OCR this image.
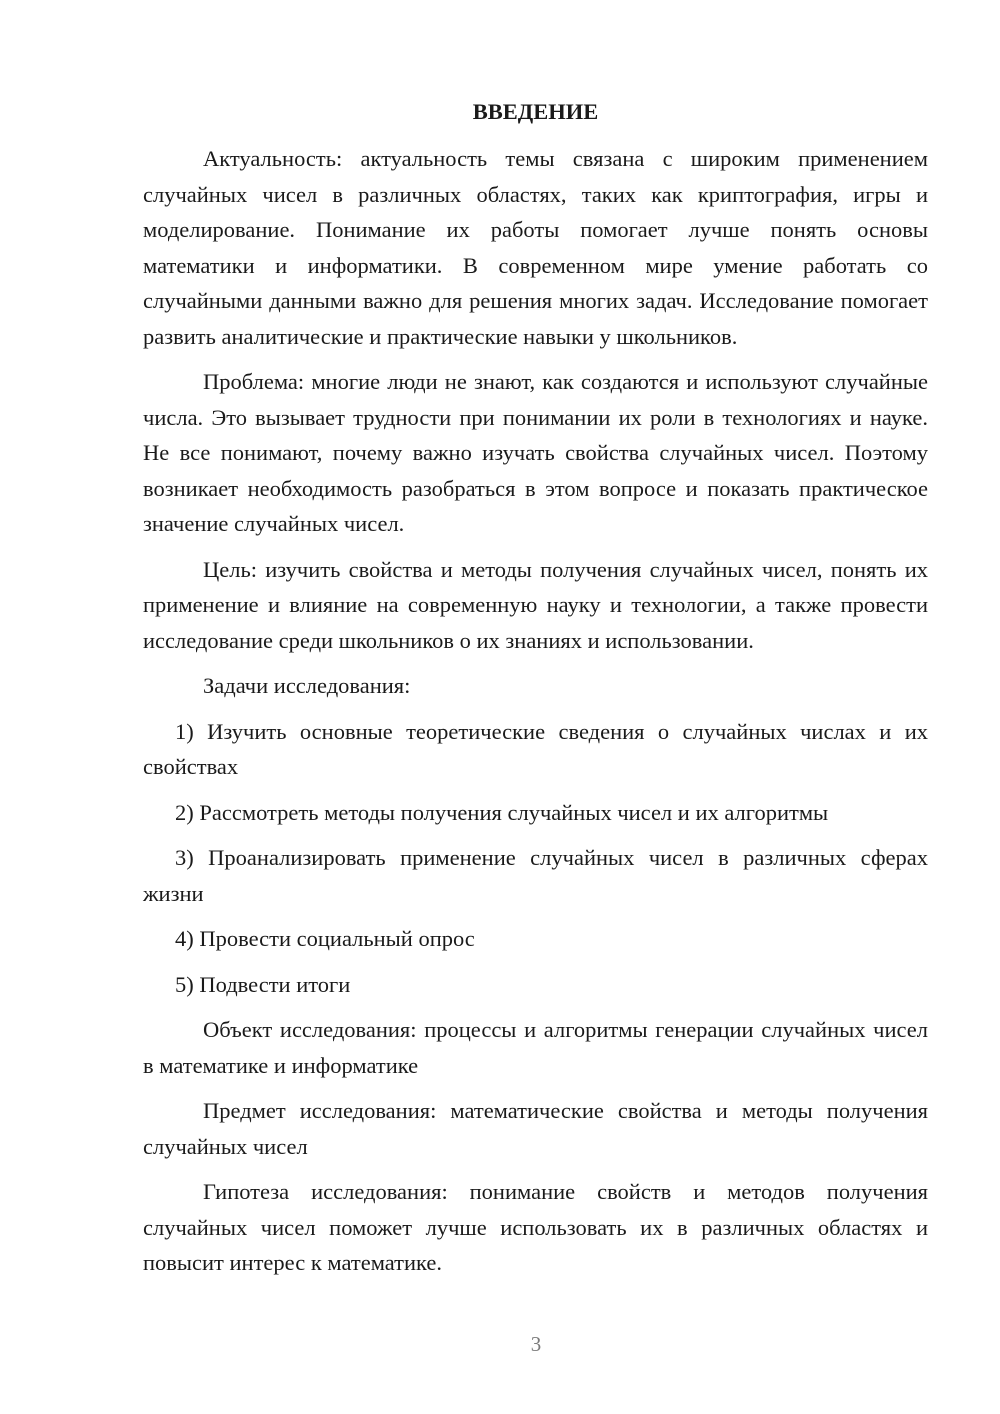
ВВЕДЕНИЕ

Актуальность: актуальность темы связана с широким применением случайных чисел в различных областях, таких как криптография, игры и моделирование. Понимание их работы помогает лучше понять основы математики и информатики. В современном мире умение работать со случайными данными важно для решения многих задач. Исследование помогает развить аналитические и практические навыки у школьников.

Проблема: многие люди не знают, как создаются и используют случайные числа. Это вызывает трудности при понимании их роли в технологиях и науке. Не все понимают, почему важно изучать свойства случайных чисел. Поэтому возникает необходимость разобраться в этом вопросе и показать практическое значение случайных чисел.

Цель: изучить свойства и методы получения случайных чисел, понять их применение и влияние на современную науку и технологии, а также провести исследование среди школьников о их знаниях и использовании.

Задачи исследования:

1) Изучить основные теоретические сведения о случайных числах и их свойствах

2) Рассмотреть методы получения случайных чисел и их алгоритмы

3) Проанализировать применение случайных чисел в различных сферах жизни

4) Провести социальный опрос

5) Подвести итоги

Объект исследования: процессы и алгоритмы генерации случайных чисел в математике и информатике

Предмет исследования: математические свойства и методы получения случайных чисел

Гипотеза исследования: понимание свойств и методов получения случайных чисел поможет лучше использовать их в различных областях и повысит интерес к математике.

3
